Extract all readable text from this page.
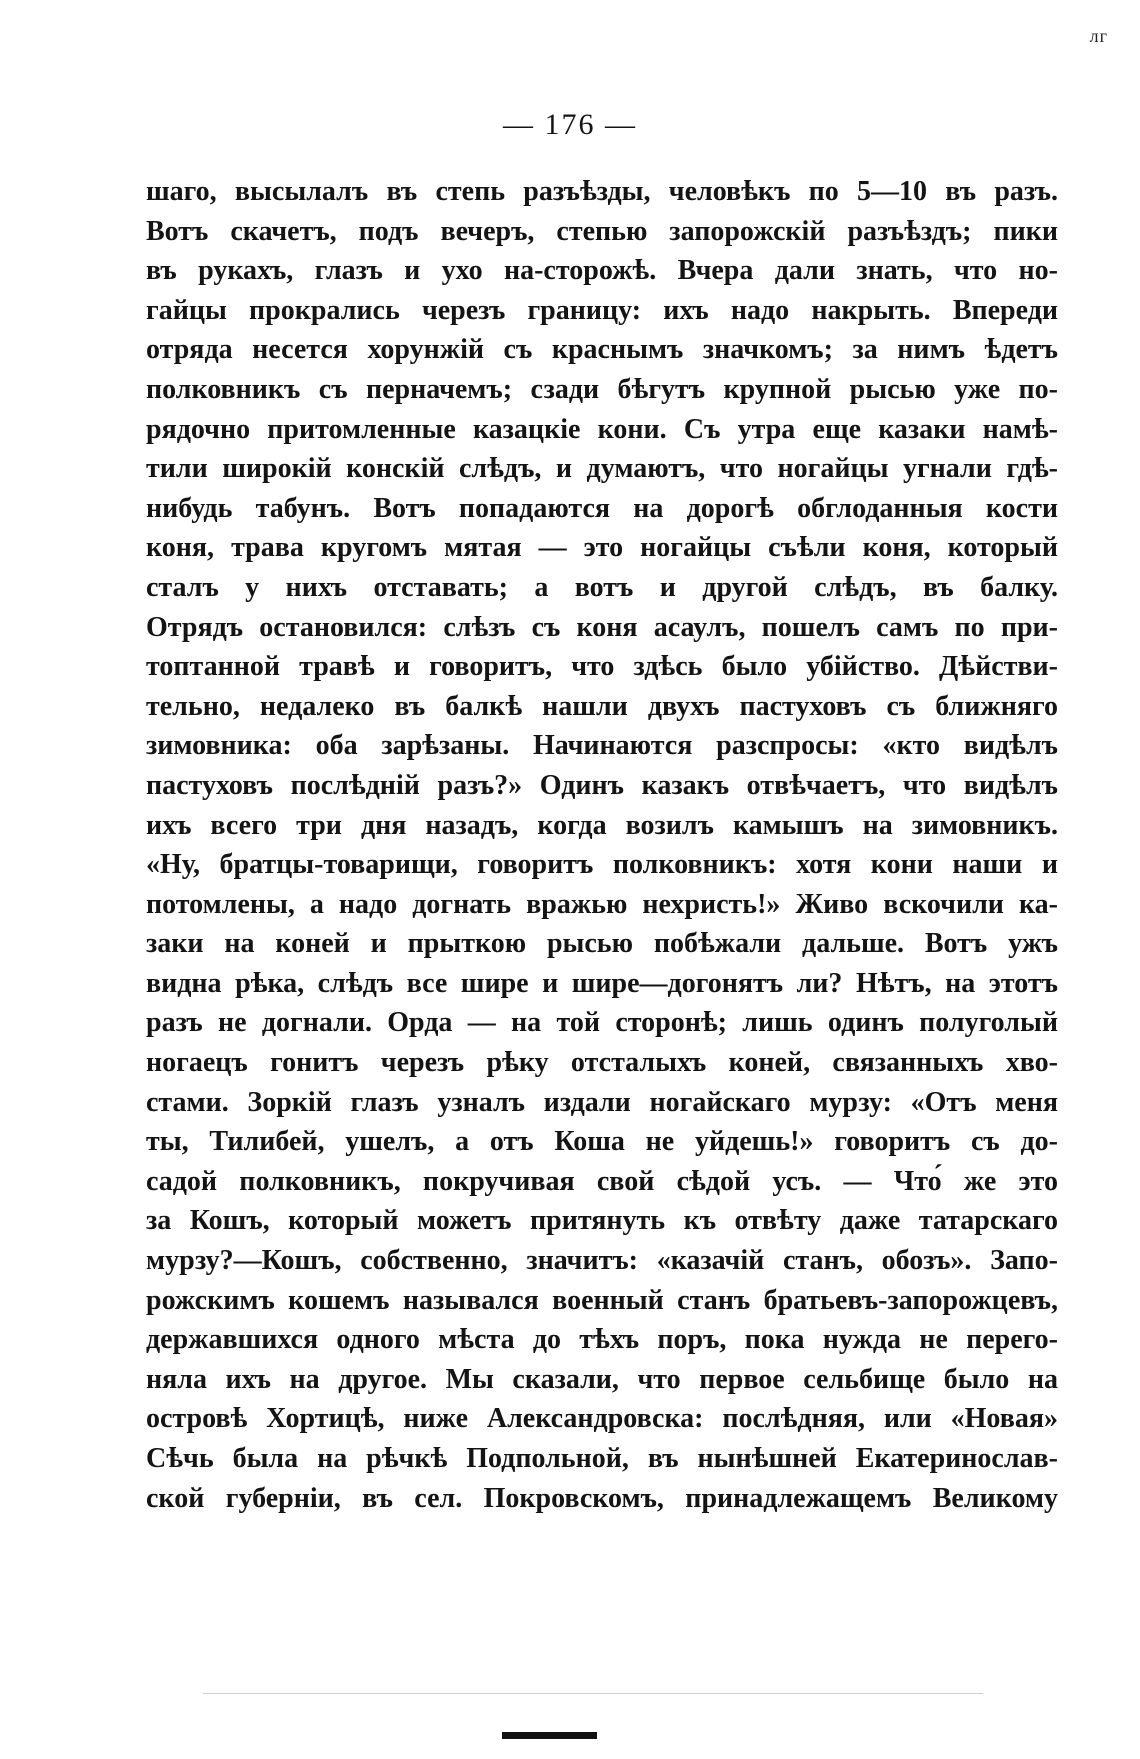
лг
— 176 —
шаго, высылалъ въ степь разъѣзды, человѣкъ по 5—10 въ разъ.
Вотъ скачетъ, подъ вечеръ, степью запорожскій разъѣздъ; пики
въ рукахъ, глазъ и ухо на-сторожѣ. Вчера дали знать, что но-
гайцы прокрались черезъ границу: ихъ надо накрыть. Впереди
отряда несется хорунжій съ краснымъ значкомъ; за нимъ ѣдетъ
полковникъ съ перначемъ; сзади бѣгутъ крупной рысью уже по-
рядочно притомленные казацкіе кони. Съ утра еще казаки намѣ-
тили широкій конскій слѣдъ, и думаютъ, что ногайцы угнали гдѣ-
нибудь табунъ. Вотъ попадаются на дорогѣ обглоданныя кости
коня, трава кругомъ мятая — это ногайцы съѣли коня, который
сталъ у нихъ отставать; а вотъ и другой слѣдъ, въ балку.
Отрядъ остановился: слѣзъ съ коня асаулъ, пошелъ самъ по при-
топтанной травѣ и говоритъ, что здѣсь было убійство. Дѣйстви-
тельно, недалеко въ балкѣ нашли двухъ пастуховъ съ ближняго
зимовника: оба зарѣзаны. Начинаются разспросы: «кто видѣлъ
пастуховъ послѣдній разъ?» Одинъ казакъ отвѣчаетъ, что видѣлъ
ихъ всего три дня назадъ, когда возилъ камышъ на зимовникъ.
«Ну, братцы-товарищи, говоритъ полковникъ: хотя кони наши и
потомлены, а надо догнать вражью нехристь!» Живо вскочили ка-
заки на коней и прыткою рысью побѣжали дальше. Вотъ ужъ
видна рѣка, слѣдъ все шире и шире—догонятъ ли? Нѣтъ, на этотъ
разъ не догнали. Орда — на той сторонѣ; лишь одинъ полуголый
ногаецъ гонитъ черезъ рѣку отсталыхъ коней, связанныхъ хво-
стами. Зоркій глазъ узналъ издали ногайскаго мурзу: «Отъ меня
ты, Тилибей, ушелъ, а отъ Коша не уйдешь!» говоритъ съ до-
садой полковникъ, покручивая свой сѣдой усъ. — Что́ же это
за Кошъ, который можетъ притянуть къ отвѣту даже татарскаго
мурзу?—Кошъ, собственно, значитъ: «казачій станъ, обозъ». Запо-
рожскимъ кошемъ назывался военный станъ братьевъ-запорожцевъ,
державшихся одного мѣста до тѣхъ поръ, пока нужда не перего-
няла ихъ на другое. Мы сказали, что первое сельбище было на
островѣ Хортицѣ, ниже Александровска: послѣдняя, или «Новая»
Сѣчь была на рѣчкѣ Подпольной, въ нынѣшней Екатеринослав-
ской губерніи, въ сел. Покровскомъ, принадлежащемъ Великому
